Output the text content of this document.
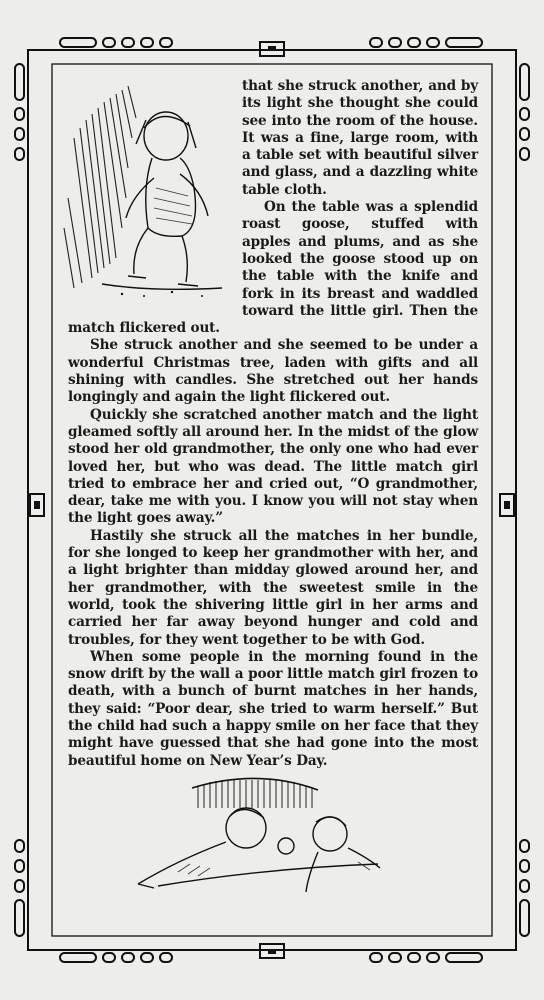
that she struck another, and by its light she thought she could see into the room of the house. It was a fine, large room, with a table set with beautiful silver and glass, and a dazzling white table cloth.

On the table was a splendid roast goose, stuffed with apples and plums, and as she looked the goose stood up on the table with the knife and fork in its breast and waddled toward the little girl. Then the match flickered out.

She struck another and she seemed to be under a wonderful Christmas tree, laden with gifts and all shining with candles. She stretched out her hands longingly and again the light flickered out.

Quickly she scratched another match and the light gleamed softly all around her. In the midst of the glow stood her old grandmother, the only one who had ever loved her, but who was dead. The little match girl tried to embrace her and cried out, “O grandmother, dear, take me with you. I know you will not stay when the light goes away.”

Hastily she struck all the matches in her bundle, for she longed to keep her grandmother with her, and a light brighter than midday glowed around her, and her grandmother, with the sweetest smile in the world, took the shivering little girl in her arms and carried her far away beyond hunger and cold and troubles, for they went together to be with God.

When some people in the morning found in the snow drift by the wall a poor little match girl frozen to death, with a bunch of burnt matches in her hands, they said: “Poor dear, she tried to warm herself.” But the child had such a happy smile on her face that they might have guessed that she had gone into the most beautiful home on New Year’s Day.
